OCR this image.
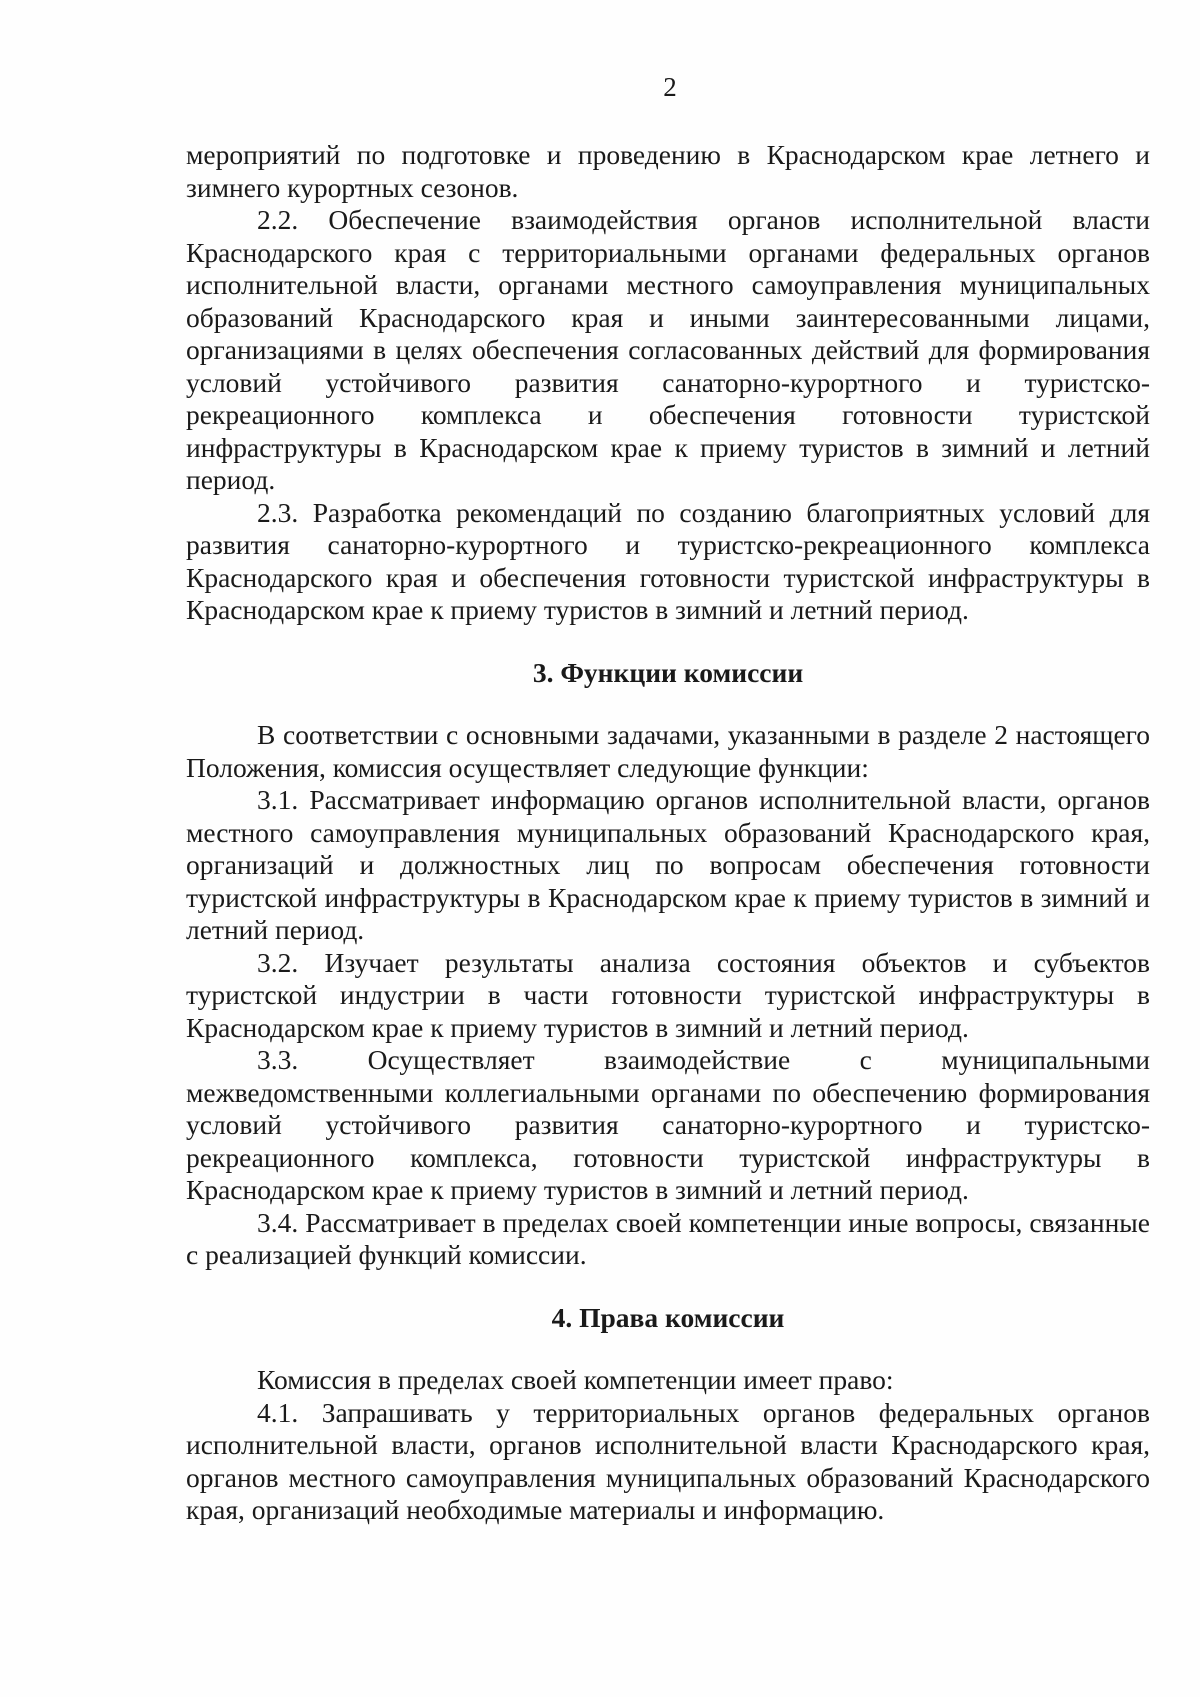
2

мероприятий по подготовке и проведению в Краснодарском крае летнего и зимнего курортных сезонов.

2.2. Обеспечение взаимодействия органов исполнительной власти Краснодарского края с территориальными органами федеральных органов исполнительной власти, органами местного самоуправления муниципальных образований Краснодарского края и иными заинтересованными лицами, организациями в целях обеспечения согласованных действий для формирования условий устойчивого развития санаторно-курортного и туристско-рекреационного комплекса и обеспечения готовности туристской инфраструктуры в Краснодарском крае к приему туристов в зимний и летний период.

2.3. Разработка рекомендаций по созданию благоприятных условий для развития санаторно-курортного и туристско-рекреационного комплекса Краснодарского края и обеспечения готовности туристской инфраструктуры в Краснодарском крае к приему туристов в зимний и летний период.

3. Функции комиссии

В соответствии с основными задачами, указанными в разделе 2 настоящего Положения, комиссия осуществляет следующие функции:

3.1. Рассматривает информацию органов исполнительной власти, органов местного самоуправления муниципальных образований Краснодарского края, организаций и должностных лиц по вопросам обеспечения готовности туристской инфраструктуры в Краснодарском крае к приему туристов в зимний и летний период.

3.2. Изучает результаты анализа состояния объектов и субъектов туристской индустрии в части готовности туристской инфраструктуры в Краснодарском крае к приему туристов в зимний и летний период.

3.3. Осуществляет взаимодействие с муниципальными межведомственными коллегиальными органами по обеспечению формирования условий устойчивого развития санаторно-курортного и туристско-рекреационного комплекса, готовности туристской инфраструктуры в Краснодарском крае к приему туристов в зимний и летний период.

3.4. Рассматривает в пределах своей компетенции иные вопросы, связанные с реализацией функций комиссии.

4. Права комиссии

Комиссия в пределах своей компетенции имеет право:

4.1. Запрашивать у территориальных органов федеральных органов исполнительной власти, органов исполнительной власти Краснодарского края, органов местного самоуправления муниципальных образований Краснодарского края, организаций необходимые материалы и информацию.
